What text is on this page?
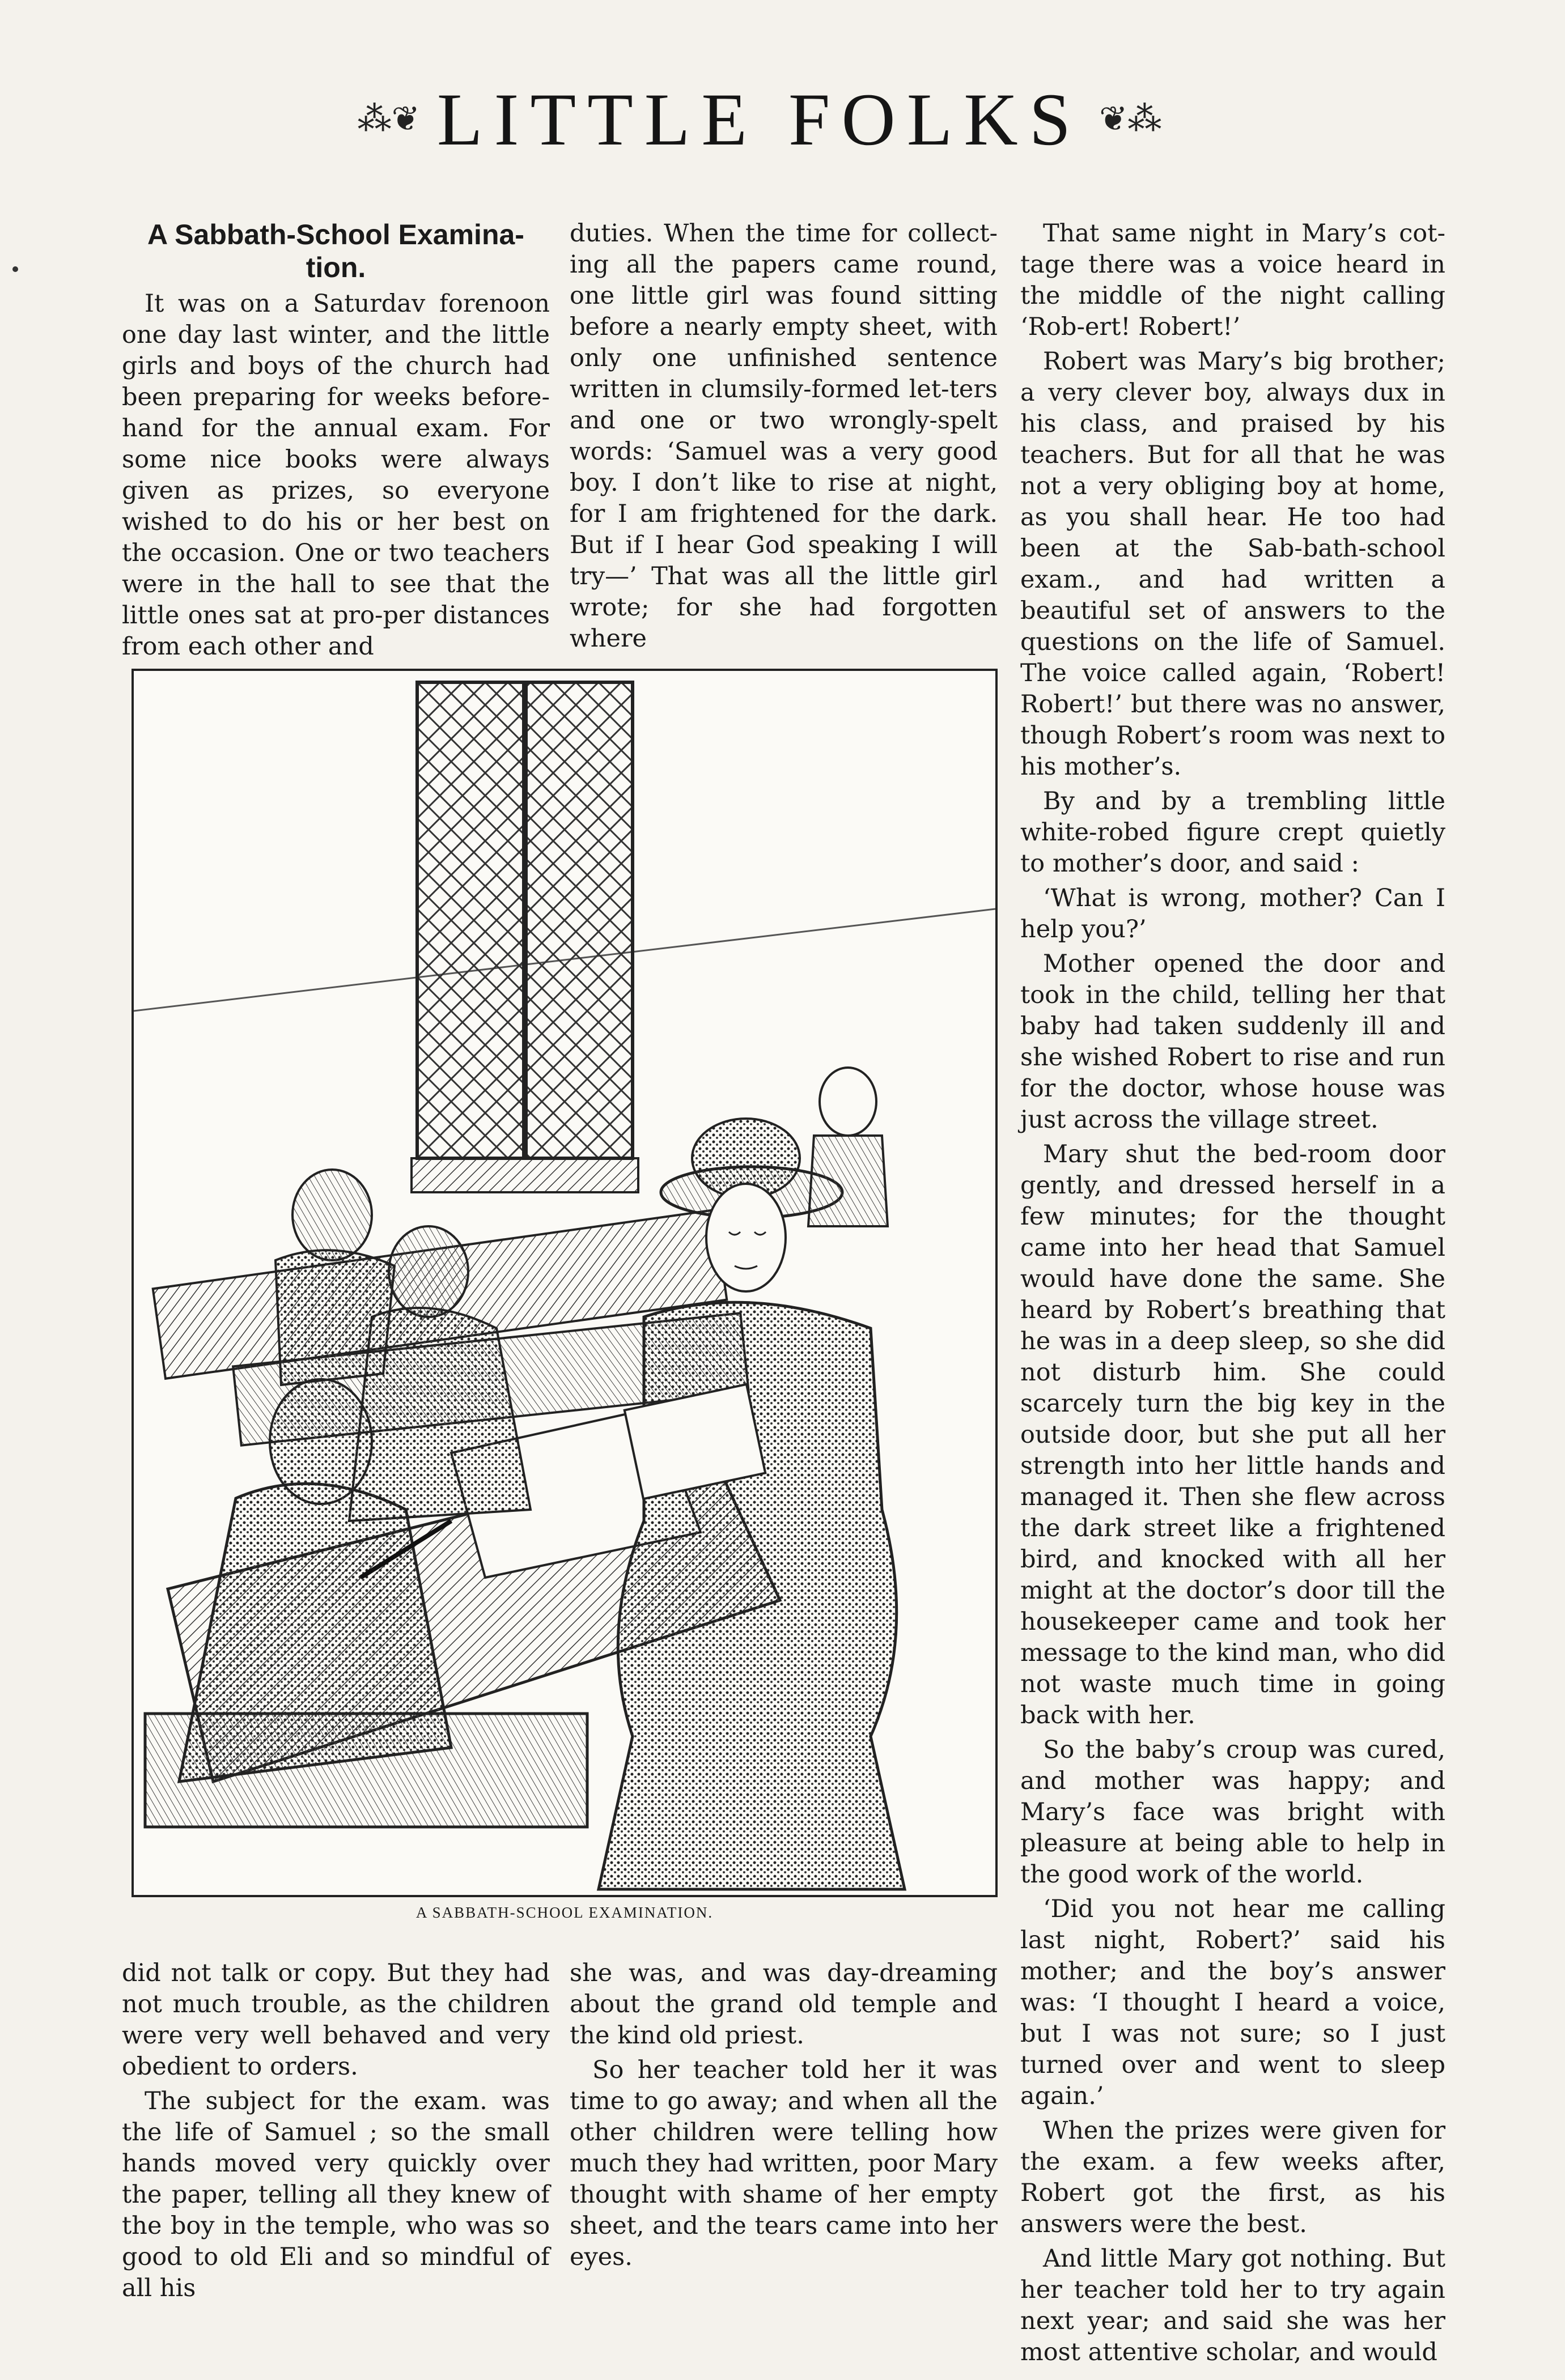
⁂❦ LITTLE FOLKS ❦⁂
A Sabbath-School Examina-tion.

It was on a Saturdav forenoon one day last winter, and the little girls and boys of the church had been preparing for weeks before-hand for the annual exam. For some nice books were always given as prizes, so everyone wished to do his or her best on the occasion. One or two teachers were in the hall to see that the little ones sat at pro-per distances from each other and

duties. When the time for collect-ing all the papers came round, one little girl was found sitting before a nearly empty sheet, with only one unfinished sentence written in clumsily-formed let-ters and one or two wrongly-spelt words: ‘Samuel was a very good boy. I don’t like to rise at night, for I am frightened for the dark. But if I hear God speaking I will try—’ That was all the little girl wrote; for she had forgotten where

That same night in Mary’s cot-tage there was a voice heard in the middle of the night calling ‘Rob-ert! Robert!’

Robert was Mary’s big brother; a very clever boy, always dux in his class, and praised by his teachers. But for all that he was not a very obliging boy at home, as you shall hear. He too had been at the Sab-bath-school exam., and had written a beautiful set of answers to the questions on the life of Samuel. The voice called again, ‘Robert! Robert!’ but there was no answer, though Robert’s room was next to his mother’s.

By and by a trembling little white-robed figure crept quietly to mother’s door, and said :

‘What is wrong, mother? Can I help you?’

Mother opened the door and took in the child, telling her that baby had taken suddenly ill and she wished Robert to rise and run for the doctor, whose house was just across the village street.

Mary shut the bed-room door gently, and dressed herself in a few minutes; for the thought came into her head that Samuel would have done the same. She heard by Robert’s breathing that he was in a deep sleep, so she did not disturb him. She could scarcely turn the big key in the outside door, but she put all her strength into her little hands and managed it. Then she flew across the dark street like a frightened bird, and knocked with all her might at the doctor’s door till the housekeeper came and took her message to the kind man, who did not waste much time in going back with her.

So the baby’s croup was cured, and mother was happy; and Mary’s face was bright with pleasure at being able to help in the good work of the world.

‘Did you not hear me calling last night, Robert?’ said his mother; and the boy’s answer was: ‘I thought I heard a voice, but I was not sure; so I just turned over and went to sleep again.’

When the prizes were given for the exam. a few weeks after, Robert got the first, as his answers were the best.

And little Mary got nothing. But her teacher told her to try again next year; and said she was her most attentive scholar, and would

A SABBATH-SCHOOL EXAMINATION.

did not talk or copy. But they had not much trouble, as the children were very well behaved and very obedient to orders.

The subject for the exam. was the life of Samuel ; so the small hands moved very quickly over the paper, telling all they knew of the boy in the temple, who was so good to old Eli and so mindful of all his

she was, and was day-dreaming about the grand old temple and the kind old priest.

So her teacher told her it was time to go away; and when all the other children were telling how much they had written, poor Mary thought with shame of her empty sheet, and the tears came into her eyes.
